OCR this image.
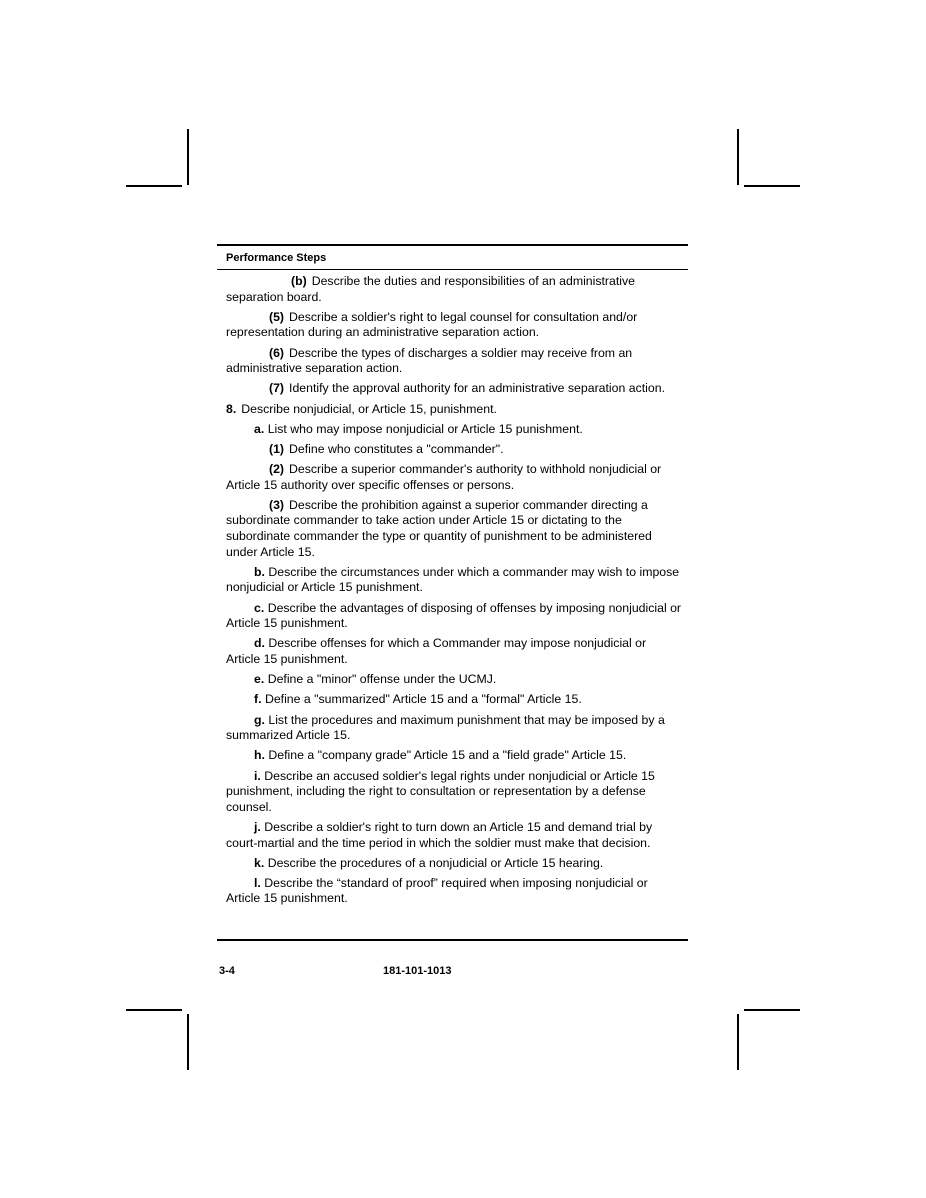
Performance Steps

(b) Describe the duties and responsibilities of an administrative separation board.

(5) Describe a soldier's right to legal counsel for consultation and/or representation during an administrative separation action.

(6) Describe the types of discharges a soldier may receive from an administrative separation action.

(7) Identify the approval authority for an administrative separation action.

8. Describe nonjudicial, or Article 15, punishment.

a. List who may impose nonjudicial or Article 15 punishment.

(1) Define who constitutes a "commander".

(2) Describe a superior commander's authority to withhold nonjudicial or Article 15 authority over specific offenses or persons.

(3) Describe the prohibition against a superior commander directing a subordinate commander to take action under Article 15 or dictating to the subordinate commander the type or quantity of punishment to be administered under Article 15.

b. Describe the circumstances under which a commander may wish to impose nonjudicial or Article 15 punishment.

c. Describe the advantages of disposing of offenses by imposing nonjudicial or Article 15 punishment.

d. Describe offenses for which a Commander may impose nonjudicial or Article 15 punishment.

e. Define a "minor" offense under the UCMJ.

f. Define a "summarized" Article 15 and a "formal" Article 15.

g. List the procedures and maximum punishment that may be imposed by a summarized Article 15.

h. Define a "company grade" Article 15 and a "field grade" Article 15.

i. Describe an accused soldier's legal rights under nonjudicial or Article 15 punishment, including the right to consultation or representation by a defense counsel.

j. Describe a soldier's right to turn down an Article 15 and demand trial by court-martial and the time period in which the soldier must make that decision.

k. Describe the procedures of a nonjudicial or Article 15 hearing.

l. Describe the “standard of proof” required when imposing nonjudicial or Article 15 punishment.

3-4	181-101-1013
